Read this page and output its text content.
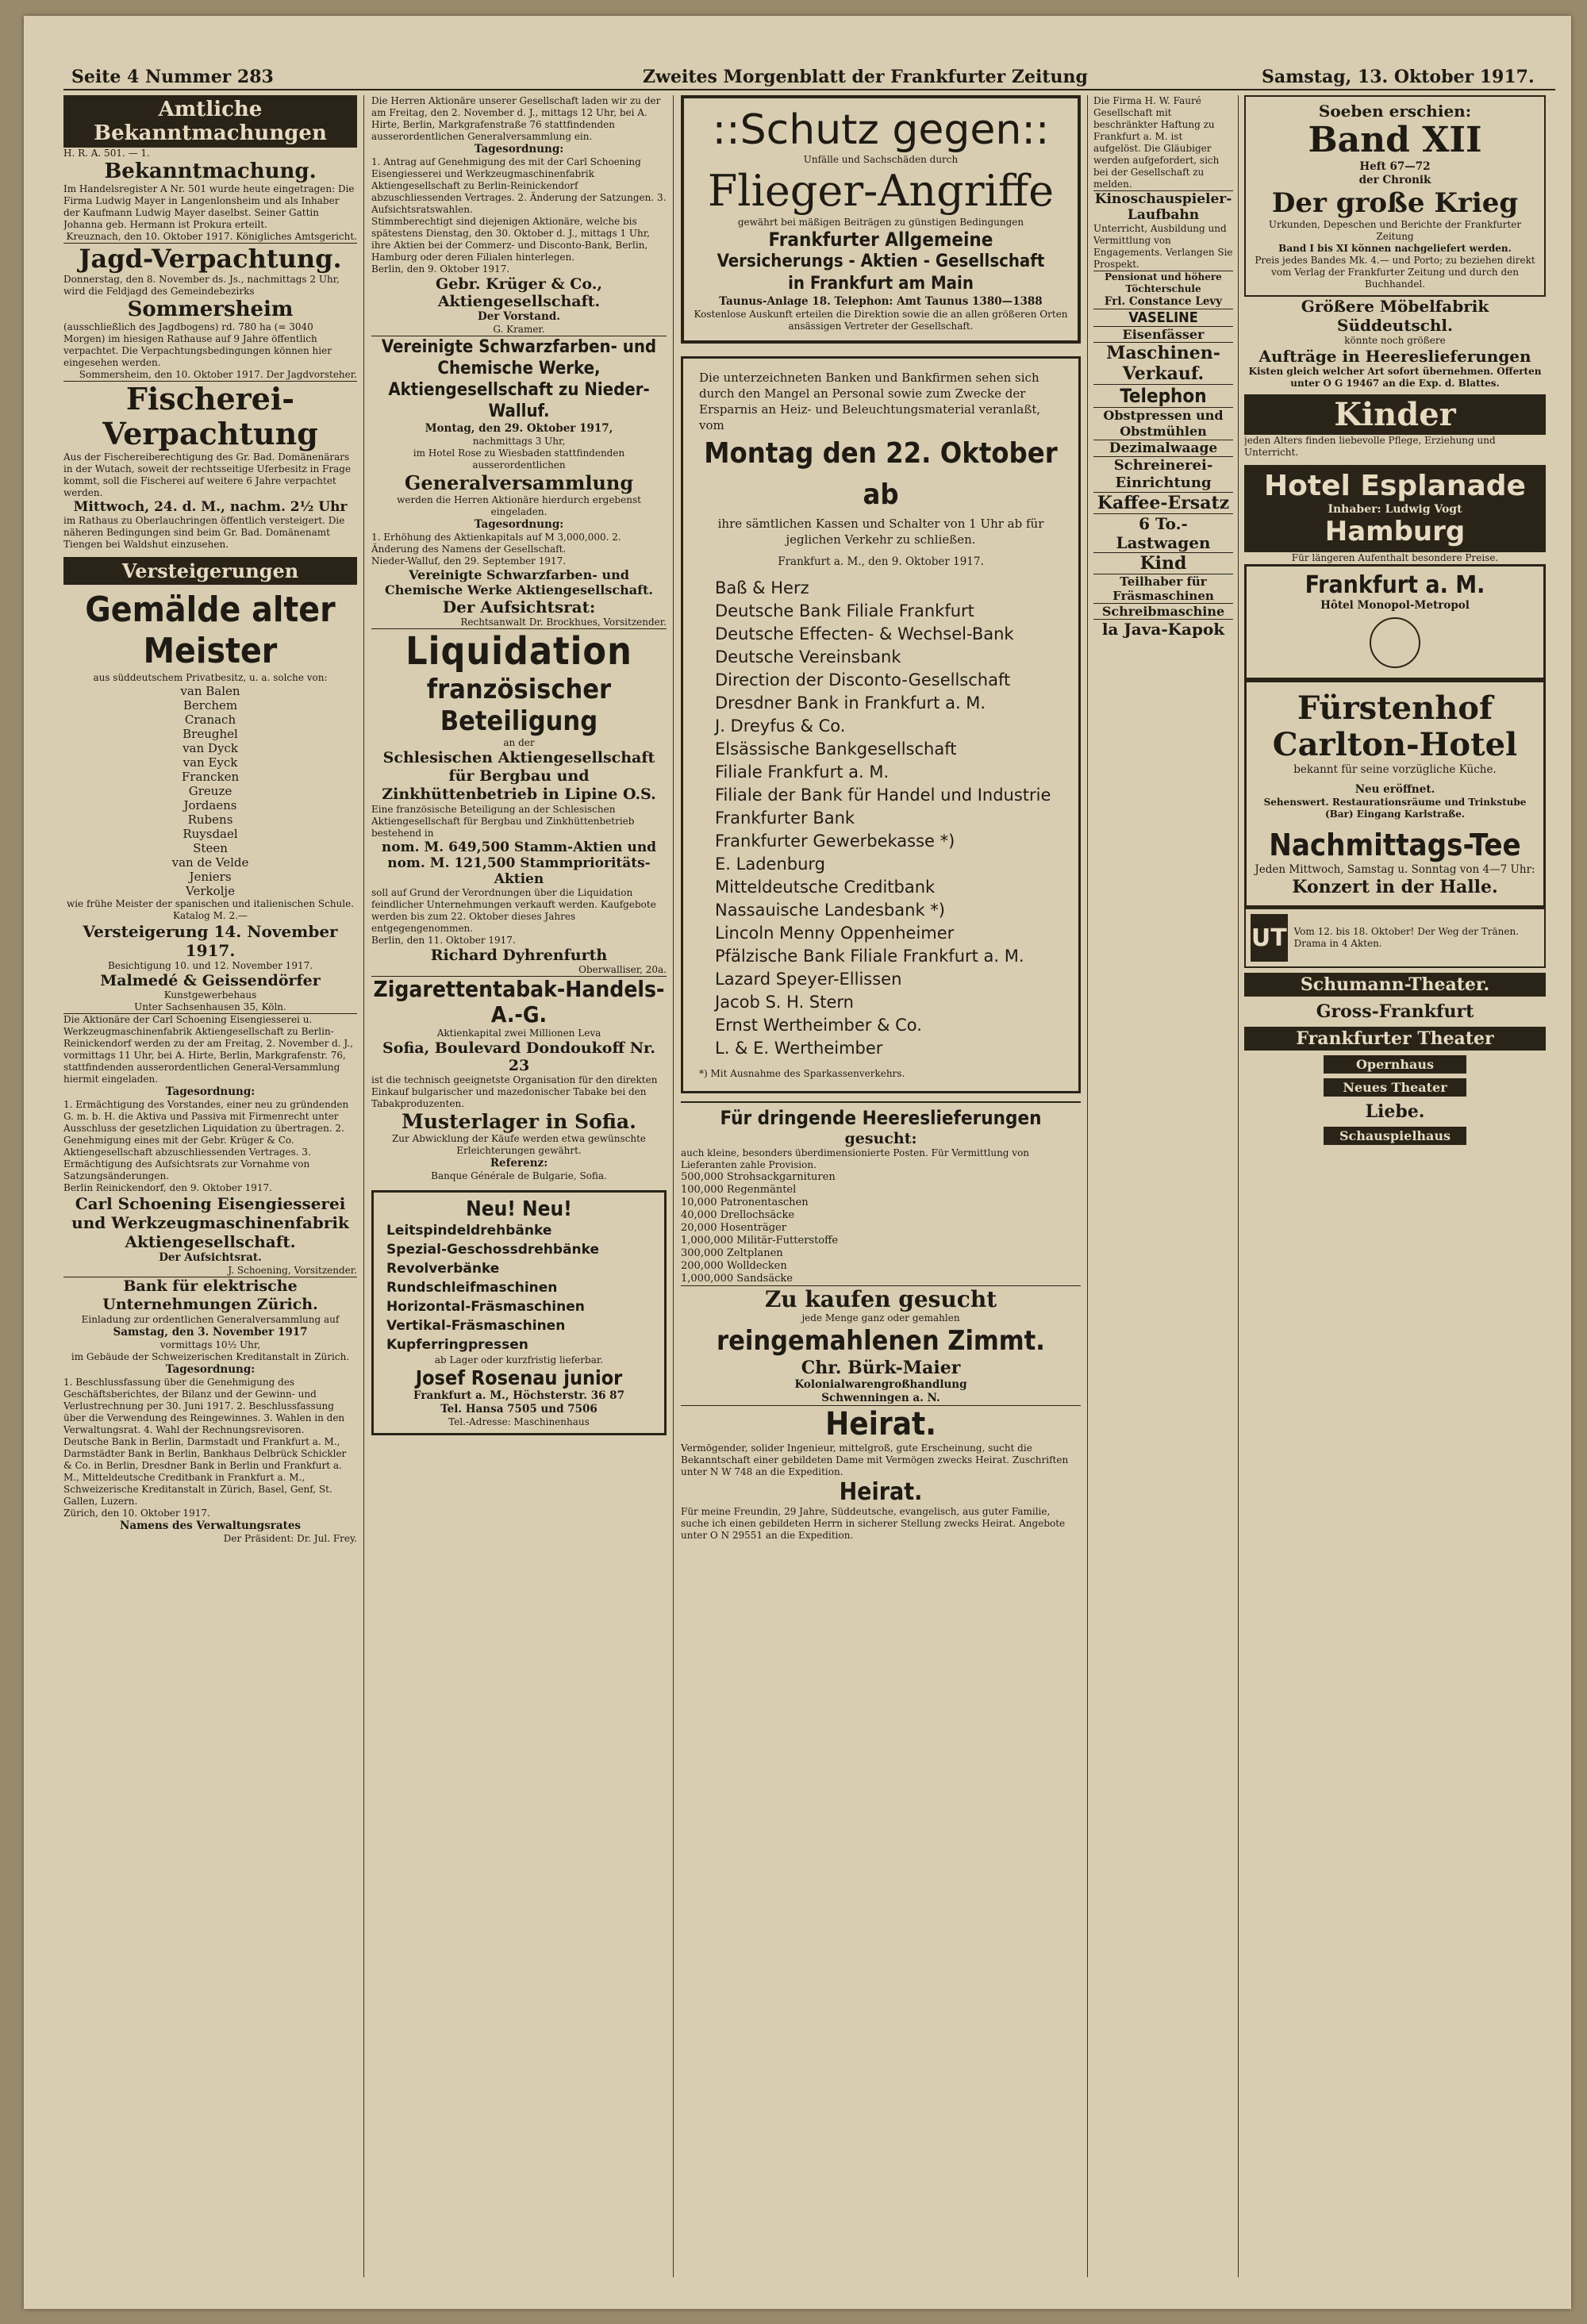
Seite 4 Nummer 283	Zweites Morgenblatt der Frankfurter Zeitung	Samstag, 13. Oktober 1917.
Amtliche Bekanntmachungen
H. R. A. 501. — 1.
Bekanntmachung.
Im Handelsregister A Nr. 501 wurde heute eingetragen: Die Firma Ludwig Mayer in Langenlonsheim und als Inhaber der Kaufmann Ludwig Mayer daselbst. Seiner Gattin Johanna geb. Hermann ist Prokura erteilt.
Kreuznach, den 10. Oktober 1917. Königliches Amtsgericht.
Jagd-Verpachtung.
Donnerstag, den 8. November ds. Js., nachmittags 2 Uhr, wird die Feldjagd des Gemeindebezirks
Sommersheim
(ausschließlich des Jagdbogens) rd. 780 ha (= 3040 Morgen) im hiesigen Rathause auf 9 Jahre öffentlich verpachtet. Die Verpachtungsbedingungen können hier eingesehen werden.
Sommersheim, den 10. Oktober 1917. Der Jagdvorsteher.
Fischerei-Verpachtung
Aus der Fischereiberechtigung des Gr. Bad. Domänenärars in der Wutach, soweit der rechtsseitige Uferbesitz in Frage kommt, soll die Fischerei auf weitere 6 Jahre verpachtet werden.
Mittwoch, 24. d. M., nachm. 2½ Uhr
im Rathaus zu Oberlauchringen öffentlich versteigert. Die näheren Bedingungen sind beim Gr. Bad. Domänenamt Tiengen bei Waldshut einzusehen.
Versteigerungen
Gemälde alter Meister
aus süddeutschem Privatbesitz, u. a. solche von:
van Balen
Berchem
Cranach
Breughel
van Dyck
van Eyck
Francken
Greuze
Jordaens
Rubens
Ruysdael
Steen
van de Velde
Jeniers
Verkolje
wie frühe Meister der spanischen und italienischen Schule. Katalog M. 2.—
Versteigerung 14. November 1917.
Besichtigung 10. und 12. November 1917.
Malmedé & Geissendörfer
Kunstgewerbehaus
Unter Sachsenhausen 35, Köln.
Die Aktionäre der Carl Schoening Eisengiesserei u. Werkzeugmaschinenfabrik Aktiengesellschaft zu Berlin-Reinickendorf werden zu der am Freitag, 2. November d. J., vormittags 11 Uhr, bei A. Hirte, Berlin, Markgrafenstr. 76, stattfindenden ausserordentlichen General-Versammlung hiermit eingeladen.
Tagesordnung:
1. Ermächtigung des Vorstandes, einer neu zu gründenden G. m. b. H. die Aktiva und Passiva mit Firmenrecht unter Ausschluss der gesetzlichen Liquidation zu übertragen. 2. Genehmigung eines mit der Gebr. Krüger & Co. Aktiengesellschaft abzuschliessenden Vertrages. 3. Ermächtigung des Aufsichtsrats zur Vornahme von Satzungsänderungen.
Berlin Reinickendorf, den 9. Oktober 1917.
Carl Schoening Eisengiesserei und Werkzeugmaschinenfabrik Aktiengesellschaft.
Der Aufsichtsrat.
J. Schoening, Vorsitzender.
Bank für elektrische Unternehmungen Zürich.
Einladung zur ordentlichen Generalversammlung auf
Samstag, den 3. November 1917
vormittags 10½ Uhr,
im Gebäude der Schweizerischen Kreditanstalt in Zürich.
Tagesordnung:
1. Beschlussfassung über die Genehmigung des Geschäftsberichtes, der Bilanz und der Gewinn- und Verlustrechnung per 30. Juni 1917. 2. Beschlussfassung über die Verwendung des Reingewinnes. 3. Wahlen in den Verwaltungsrat. 4. Wahl der Rechnungsrevisoren.
Deutsche Bank in Berlin, Darmstadt und Frankfurt a. M., Darmstädter Bank in Berlin, Bankhaus Delbrück Schickler & Co. in Berlin, Dresdner Bank in Berlin und Frankfurt a. M., Mitteldeutsche Creditbank in Frankfurt a. M., Schweizerische Kreditanstalt in Zürich, Basel, Genf, St. Gallen, Luzern.
Zürich, den 10. Oktober 1917.
Namens des Verwaltungsrates
Der Präsident: Dr. Jul. Frey.
Die Herren Aktionäre unserer Gesellschaft laden wir zu der am Freitag, den 2. November d. J., mittags 12 Uhr, bei A. Hirte, Berlin, Markgrafenstraße 76 stattfindenden ausserordentlichen Generalversammlung ein.
Tagesordnung:
1. Antrag auf Genehmigung des mit der Carl Schoening Eisengiesserei und Werkzeugmaschinenfabrik Aktiengesellschaft zu Berlin-Reinickendorf abzuschliessenden Vertrages. 2. Änderung der Satzungen. 3. Aufsichtsratswahlen.
Stimmberechtigt sind diejenigen Aktionäre, welche bis spätestens Dienstag, den 30. Oktober d. J., mittags 1 Uhr, ihre Aktien bei der Commerz- und Disconto-Bank, Berlin, Hamburg oder deren Filialen hinterlegen.
Berlin, den 9. Oktober 1917.
Gebr. Krüger & Co., Aktiengesellschaft.
Der Vorstand.
G. Kramer.
Vereinigte Schwarzfarben- und Chemische Werke, Aktiengesellschaft zu Nieder-Walluf.
Montag, den 29. Oktober 1917,
nachmittags 3 Uhr,
im Hotel Rose zu Wiesbaden stattfindenden ausserordentlichen
Generalversammlung
werden die Herren Aktionäre hierdurch ergebenst eingeladen.
Tagesordnung:
1. Erhöhung des Aktienkapitals auf M 3,000,000. 2. Änderung des Namens der Gesellschaft.
Nieder-Walluf, den 29. September 1917.
Vereinigte Schwarzfarben- und Chemische Werke Aktiengesellschaft.
Der Aufsichtsrat:
Rechtsanwalt Dr. Brockhues, Vorsitzender.
Liquidation
französischer Beteiligung
an der
Schlesischen Aktiengesellschaft für Bergbau und Zinkhüttenbetrieb in Lipine O.S.
Eine französische Beteiligung an der Schlesischen Aktiengesellschaft für Bergbau und Zinkhüttenbetrieb bestehend in
nom. M. 649,500 Stamm-Aktien und
nom. M. 121,500 Stammprioritäts-Aktien
soll auf Grund der Verordnungen über die Liquidation feindlicher Unternehmungen verkauft werden. Kaufgebote werden bis zum 22. Oktober dieses Jahres entgegengenommen.
Berlin, den 11. Oktober 1917.
Richard Dyhrenfurth
Oberwalliser, 20a.
Zigarettentabak-Handels-A.-G.
Aktienkapital zwei Millionen Leva
Sofia, Boulevard Dondoukoff Nr. 23
ist die technisch geeignetste Organisation für den direkten Einkauf bulgarischer und mazedonischer Tabake bei den Tabakproduzenten.
Musterlager in Sofia.
Zur Abwicklung der Käufe werden etwa gewünschte Erleichterungen gewährt.
Referenz:
Banque Générale de Bulgarie, Sofia.
Neu! Neu!
Leitspindeldrehbänke
Spezial-Geschossdrehbänke
Revolverbänke
Rundschleifmaschinen
Horizontal-Fräsmaschinen
Vertikal-Fräsmaschinen
Kupferringpressen
ab Lager oder kurzfristig lieferbar.
Josef Rosenau junior
Frankfurt a. M., Höchsterstr. 36 87
Tel. Hansa 7505 und 7506
Tel.-Adresse: Maschinenhaus
::Schutz gegen::
Unfälle und Sachschäden durch
Flieger-Angriffe
gewährt bei mäßigen Beiträgen zu günstigen Bedingungen
Frankfurter Allgemeine
Versicherungs - Aktien - Gesellschaft
in Frankfurt am Main
Taunus-Anlage 18. Telephon: Amt Taunus 1380—1388
Kostenlose Auskunft erteilen die Direktion sowie die an allen größeren Orten ansässigen Vertreter der Gesellschaft.
Die unterzeichneten Banken und Bankfirmen sehen sich durch den Mangel an Personal sowie zum Zwecke der Ersparnis an Heiz- und Beleuchtungsmaterial veranlaßt, vom
Montag den 22. Oktober ab
ihre sämtlichen Kassen und Schalter von 1 Uhr ab für jeglichen Verkehr zu schließen.
Frankfurt a. M., den 9. Oktober 1917.

Baß & Herz

Deutsche Bank Filiale Frankfurt

Deutsche Effecten- & Wechsel-Bank

Deutsche Vereinsbank

Direction der Disconto-Gesellschaft

Dresdner Bank in Frankfurt a. M.

J. Dreyfus & Co.

Elsässische Bankgesellschaft

Filiale Frankfurt a. M.

Filiale der Bank für Handel und Industrie

Frankfurter Bank

Frankfurter Gewerbekasse *)

E. Ladenburg

Mitteldeutsche Creditbank

Nassauische Landesbank *)

Lincoln Menny Oppenheimer

Pfälzische Bank Filiale Frankfurt a. M.

Lazard Speyer-Ellissen

Jacob S. H. Stern

Ernst Wertheimber & Co.

L. & E. Wertheimber

*) Mit Ausnahme des Sparkassenverkehrs.
Für dringende Heereslieferungen
gesucht:
auch kleine, besonders überdimensionierte Posten. Für Vermittlung von Lieferanten zahle Provision.
500,000 Strohsackgarnituren
100,000 Regenmäntel
10,000 Patronentaschen
40,000 Drellochsäcke
20,000 Hosenträger
1,000,000 Militär-Futterstoffe
300,000 Zeltplanen
200,000 Wolldecken
1,000,000 Sandsäcke
Zu kaufen gesucht
jede Menge ganz oder gemahlen
reingemahlenen Zimmt.
Chr. Bürk-Maier
Kolonialwarengroßhandlung
Schwenningen a. N.
Heirat.
Vermögender, solider Ingenieur, mittelgroß, gute Erscheinung, sucht die Bekanntschaft einer gebildeten Dame mit Vermögen zwecks Heirat. Zuschriften unter N W 748 an die Expedition.
Heirat.
Für meine Freundin, 29 Jahre, Süddeutsche, evangelisch, aus guter Familie, suche ich einen gebildeten Herrn in sicherer Stellung zwecks Heirat. Angebote unter O N 29551 an die Expedition.
Die Firma H. W. Fauré Gesellschaft mit beschränkter Haftung zu Frankfurt a. M. ist aufgelöst. Die Gläubiger werden aufgefordert, sich bei der Gesellschaft zu melden.
Kinoschauspieler-Laufbahn
Unterricht, Ausbildung und Vermittlung von Engagements. Verlangen Sie Prospekt.
Pensionat und höhere Töchterschule
Frl. Constance Levy
VASELINE
Eisenfässer
Maschinen-Verkauf.
Telephon
Obstpressen und Obstmühlen
Dezimalwaage
Schreinerei-Einrichtung
Kaffee-Ersatz
6 To.-Lastwagen
Kind
Teilhaber für Fräsmaschinen
Schreibmaschine
la Java-Kapok
Soeben erschien:
Band XII
Heft 67—72
der Chronik
Der große Krieg
Urkunden, Depeschen und Berichte der Frankfurter Zeitung
Band I bis XI können nachgeliefert werden.
Preis jedes Bandes Mk. 4.— und Porto; zu beziehen direkt vom Verlag der Frankfurter Zeitung und durch den Buchhandel.
Größere Möbelfabrik Süddeutschl.
könnte noch größere
Aufträge in Heereslieferungen
Kisten gleich welcher Art sofort übernehmen. Offerten unter O G 19467 an die Exp. d. Blattes.
Kinder
jeden Alters finden liebevolle Pflege, Erziehung und Unterricht.
Hotel Esplanade
Inhaber: Ludwig Vogt
Hamburg
Für längeren Aufenthalt besondere Preise.
Frankfurt a. M.
Hôtel Monopol-Metropol
Fürstenhof
Carlton-Hotel
bekannt für seine vorzügliche Küche.
Neu eröffnet.
Sehenswert. Restaurationsräume und Trinkstube (Bar) Eingang Karlstraße.
Nachmittags-Tee
Jeden Mittwoch, Samstag u. Sonntag von 4—7 Uhr:
Konzert in der Halle.
UT Vom 12. bis 18. Oktober! Der Weg der Tränen. Drama in 4 Akten.
Schumann-Theater.
Gross-Frankfurt
Frankfurter Theater
Opernhaus
Neues Theater
Liebe.
Schauspielhaus
